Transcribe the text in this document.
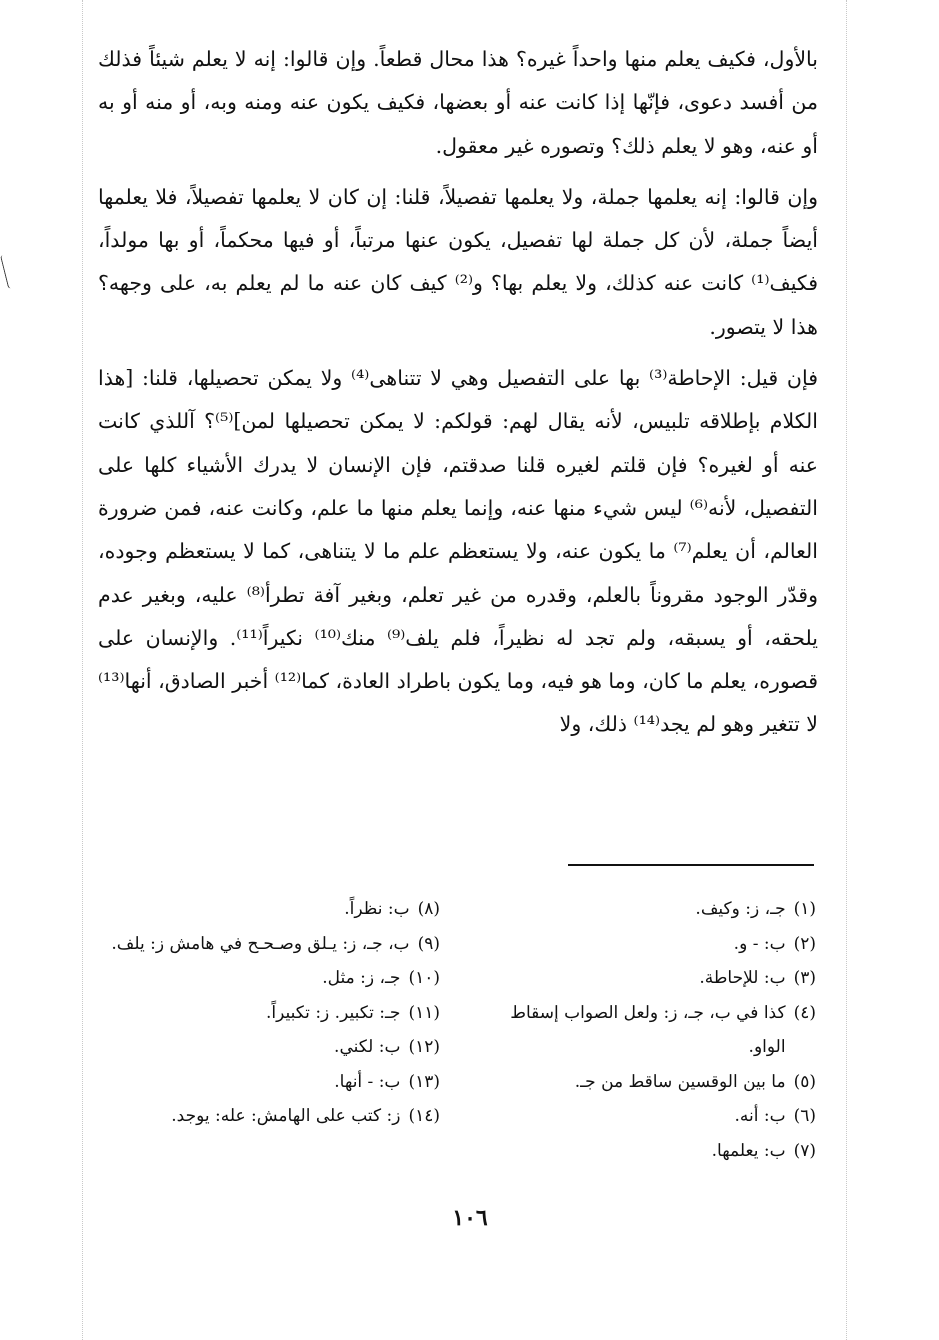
بالأول، فكيف يعلم منها واحداً غيره؟ هذا محال قطعاً. وإن قالوا: إنه لا يعلم شيئاً فذلك من أفسد دعوى، فإنّها إذا كانت عنه أو بعضها، فكيف يكون عنه ومنه وبه، أو منه أو به أو عنه، وهو لا يعلم ذلك؟ وتصوره غير معقول.

وإن قالوا: إنه يعلمها جملة، ولا يعلمها تفصيلاً، قلنا: إن كان لا يعلمها تفصيلاً، فلا يعلمها أيضاً جملة، لأن كل جملة لها تفصيل، يكون عنها مرتباً، أو فيها محكماً، أو بها مولداً، فكيف⁽¹⁾ كانت عنه كذلك، ولا يعلم بها؟ و⁽²⁾ كيف كان عنه ما لم يعلم به، على وجهه؟ هذا لا يتصور.

فإن قيل: الإحاطة⁽³⁾ بها على التفصيل وهي لا تتناهى⁽⁴⁾ ولا يمكن تحصيلها، قلنا: [هذا الكلام بإطلاقه تلبيس، لأنه يقال لهم: قولكم: لا يمكن تحصيلها لمن]⁽⁵⁾؟ آللذي كانت عنه أو لغيره؟ فإن قلتم لغيره قلنا صدقتم، فإن الإنسان لا يدرك الأشياء كلها على التفصيل، لأنه⁽⁶⁾ ليس شيء منها عنه، وإنما يعلم منها ما علم، وكانت عنه، فمن ضرورة العالم، أن يعلم⁽⁷⁾ ما يكون عنه، ولا يستعظم علم ما لا يتناهى، كما لا يستعظم وجوده، وقدّر الوجود مقروناً بالعلم، وقدره من غير تعلم، وبغير آفة تطرأ⁽⁸⁾ عليه، وبغير عدم يلحقه، أو يسبقه، ولم تجد له نظيراً، فلم يلف⁽⁹⁾ منك⁽¹⁰⁾ نكيراً⁽¹¹⁾. والإنسان على قصوره، يعلم ما كان، وما هو فيه، وما يكون باطراد العادة، كما⁽¹²⁾ أخبر الصادق، أنها⁽¹³⁾ لا تتغير وهو لم يجد⁽¹⁴⁾ ذلك، ولا

(١)
جـ، ز: وكيف.
(٢)
ب: - و.
(٣)
ب: للإحاطة.
(٤)
كذا في ب، جـ، ز: ولعل الصواب إسقاط الواو.
(٥)
ما بين الوقسين ساقط من جـ.
(٦)
ب: أنه.
(٧)
ب: يعلمها.
(٨)
ب: نظراً.
(٩)
ب، جـ، ز: يـلق وصـحـح في هامش ز: يلف.
(١٠)
جـ، ز: مثل.
(١١)
جـ: تكبير. ز: تكبيراً.
(١٢)
ب: لكني.
(١٣)
ب: - أنها.
(١٤)
ز: كتب على الهامش: عله: يوجد.
١٠٦
